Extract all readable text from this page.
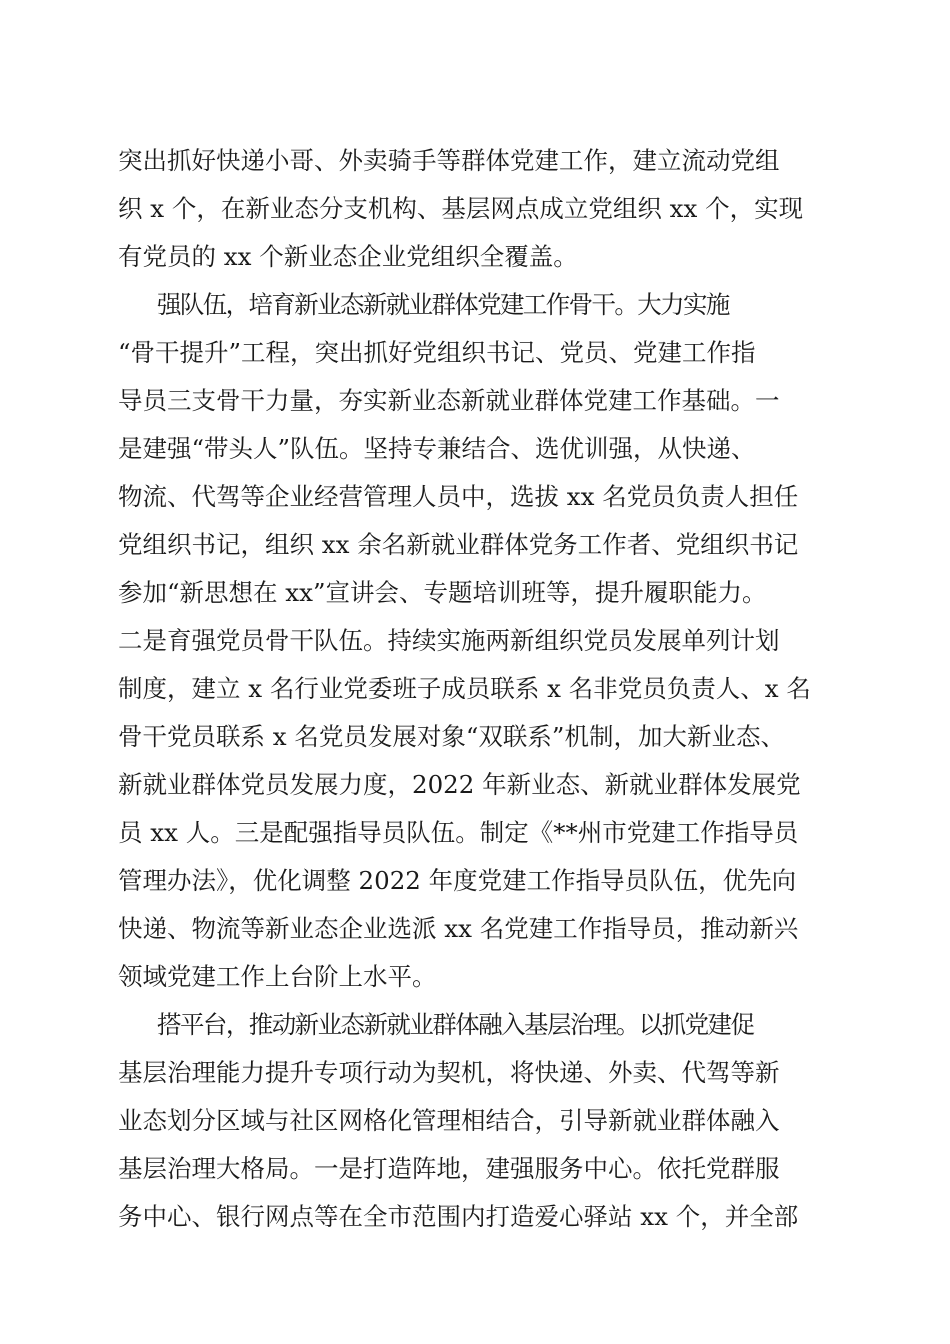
突出抓好快递小哥、外卖骑手等群体党建工作，建立流动党组
织 x 个，在新业态分支机构、基层网点成立党组织 xx 个，实现
有党员的 xx 个新业态企业党组织全覆盖。
强队伍，培育新业态新就业群体党建工作骨干。大力实施
“骨干提升”工程，突出抓好党组织书记、党员、党建工作指
导员三支骨干力量，夯实新业态新就业群体党建工作基础。一
是建强“带头人”队伍。坚持专兼结合、选优训强，从快递、
物流、代驾等企业经营管理人员中，选拔 xx 名党员负责人担任
党组织书记，组织 xx 余名新就业群体党务工作者、党组织书记
参加“新思想在 xx”宣讲会、专题培训班等，提升履职能力。
二是育强党员骨干队伍。持续实施两新组织党员发展单列计划
制度，建立 x 名行业党委班子成员联系 x 名非党员负责人、x 名
骨干党员联系 x 名党员发展对象“双联系”机制，加大新业态、
新就业群体党员发展力度，2022 年新业态、新就业群体发展党
员 xx 人。三是配强指导员队伍。制定《**州市党建工作指导员
管理办法》，优化调整 2022 年度党建工作指导员队伍，优先向
快递、物流等新业态企业选派 xx 名党建工作指导员，推动新兴
领域党建工作上台阶上水平。
搭平台，推动新业态新就业群体融入基层治理。以抓党建促
基层治理能力提升专项行动为契机，将快递、外卖、代驾等新
业态划分区域与社区网格化管理相结合，引导新就业群体融入
基层治理大格局。一是打造阵地，建强服务中心。依托党群服
务中心、银行网点等在全市范围内打造爱心驿站 xx 个，并全部
